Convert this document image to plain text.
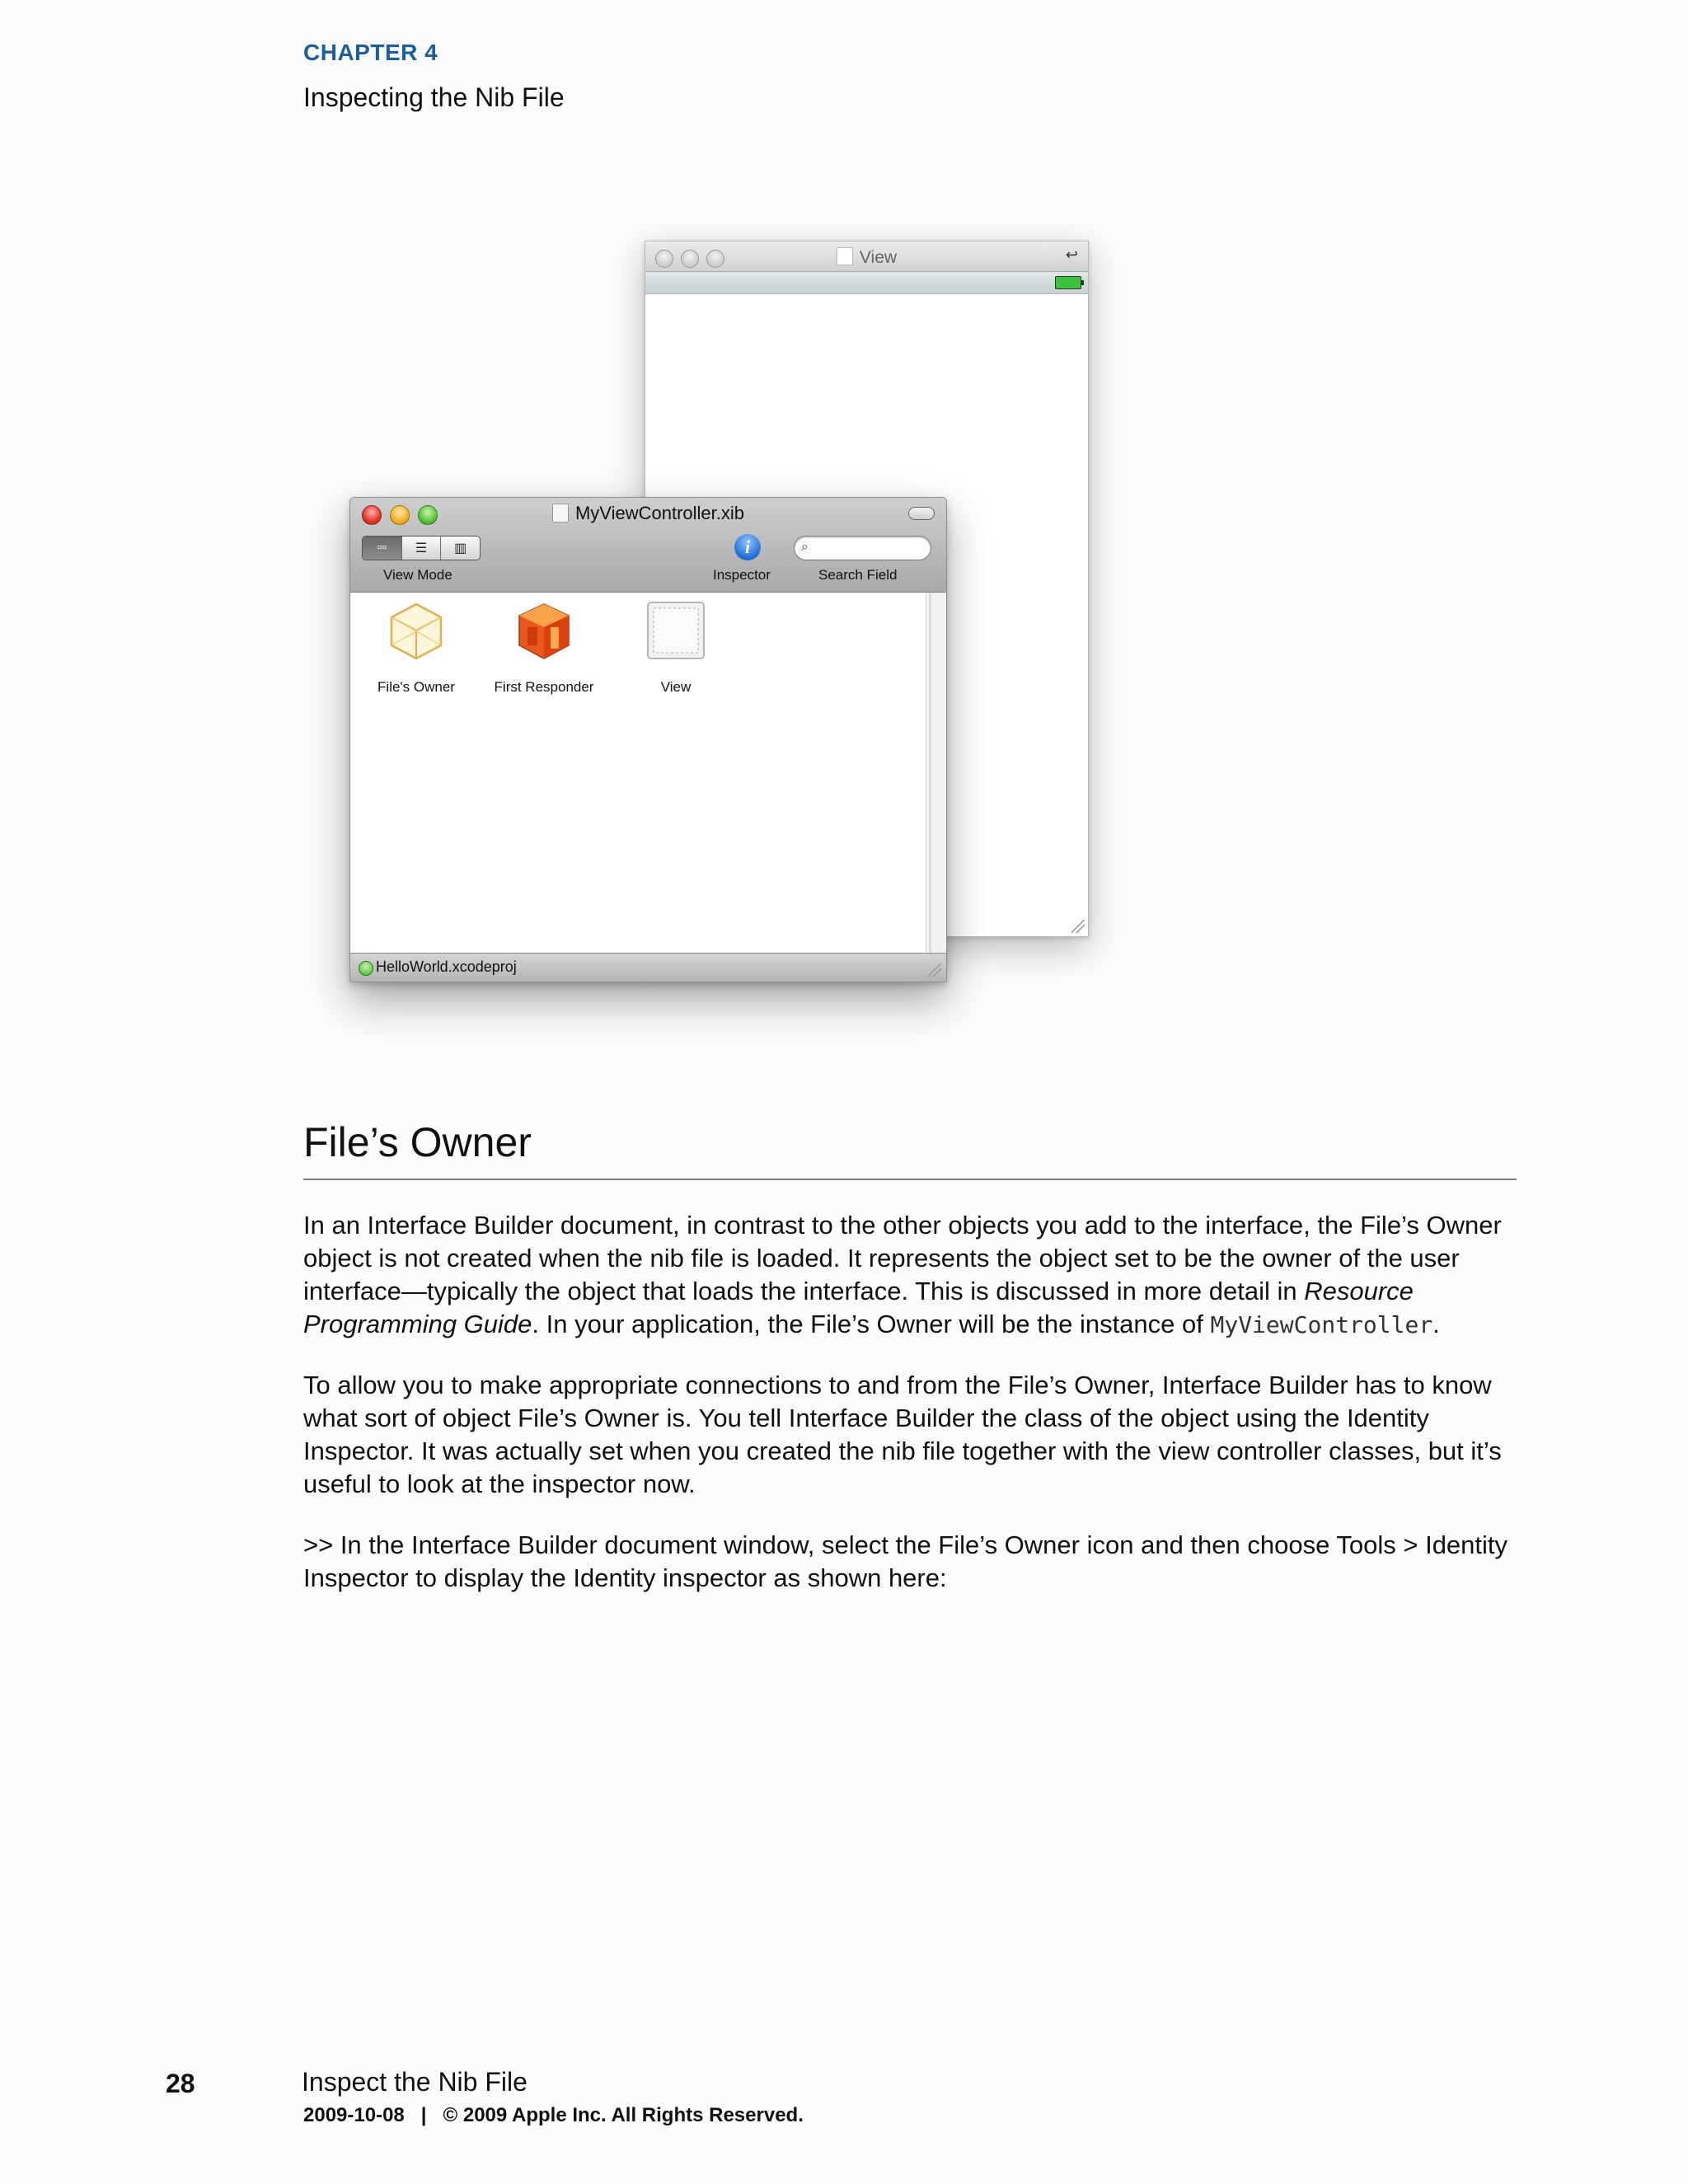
CHAPTER 4
Inspecting the Nib File
View	↩
MyViewController.xib
▫▫	☰	▥
View Mode
i
Inspector
⌕
Search Field
File's Owner	First Responder	View
HelloWorld.xcodeproj
File’s Owner

In an Interface Builder document, in contrast to the other objects you add to the interface, the File’s Owner object is not created when the nib file is loaded. It represents the object set to be the owner of the user interface—typically the object that loads the interface. This is discussed in more detail in Resource Programming Guide. In your application, the File’s Owner will be the instance of MyViewController.

To allow you to make appropriate connections to and from the File’s Owner, Interface Builder has to know what sort of object File’s Owner is. You tell Interface Builder the class of the object using the Identity Inspector. It was actually set when you created the nib file together with the view controller classes, but it’s useful to look at the inspector now.

>> In the Interface Builder document window, select the File’s Owner icon and then choose Tools > Identity Inspector to display the Identity inspector as shown here:

28	Inspect the Nib File
2009-10-08   |   © 2009 Apple Inc. All Rights Reserved.
